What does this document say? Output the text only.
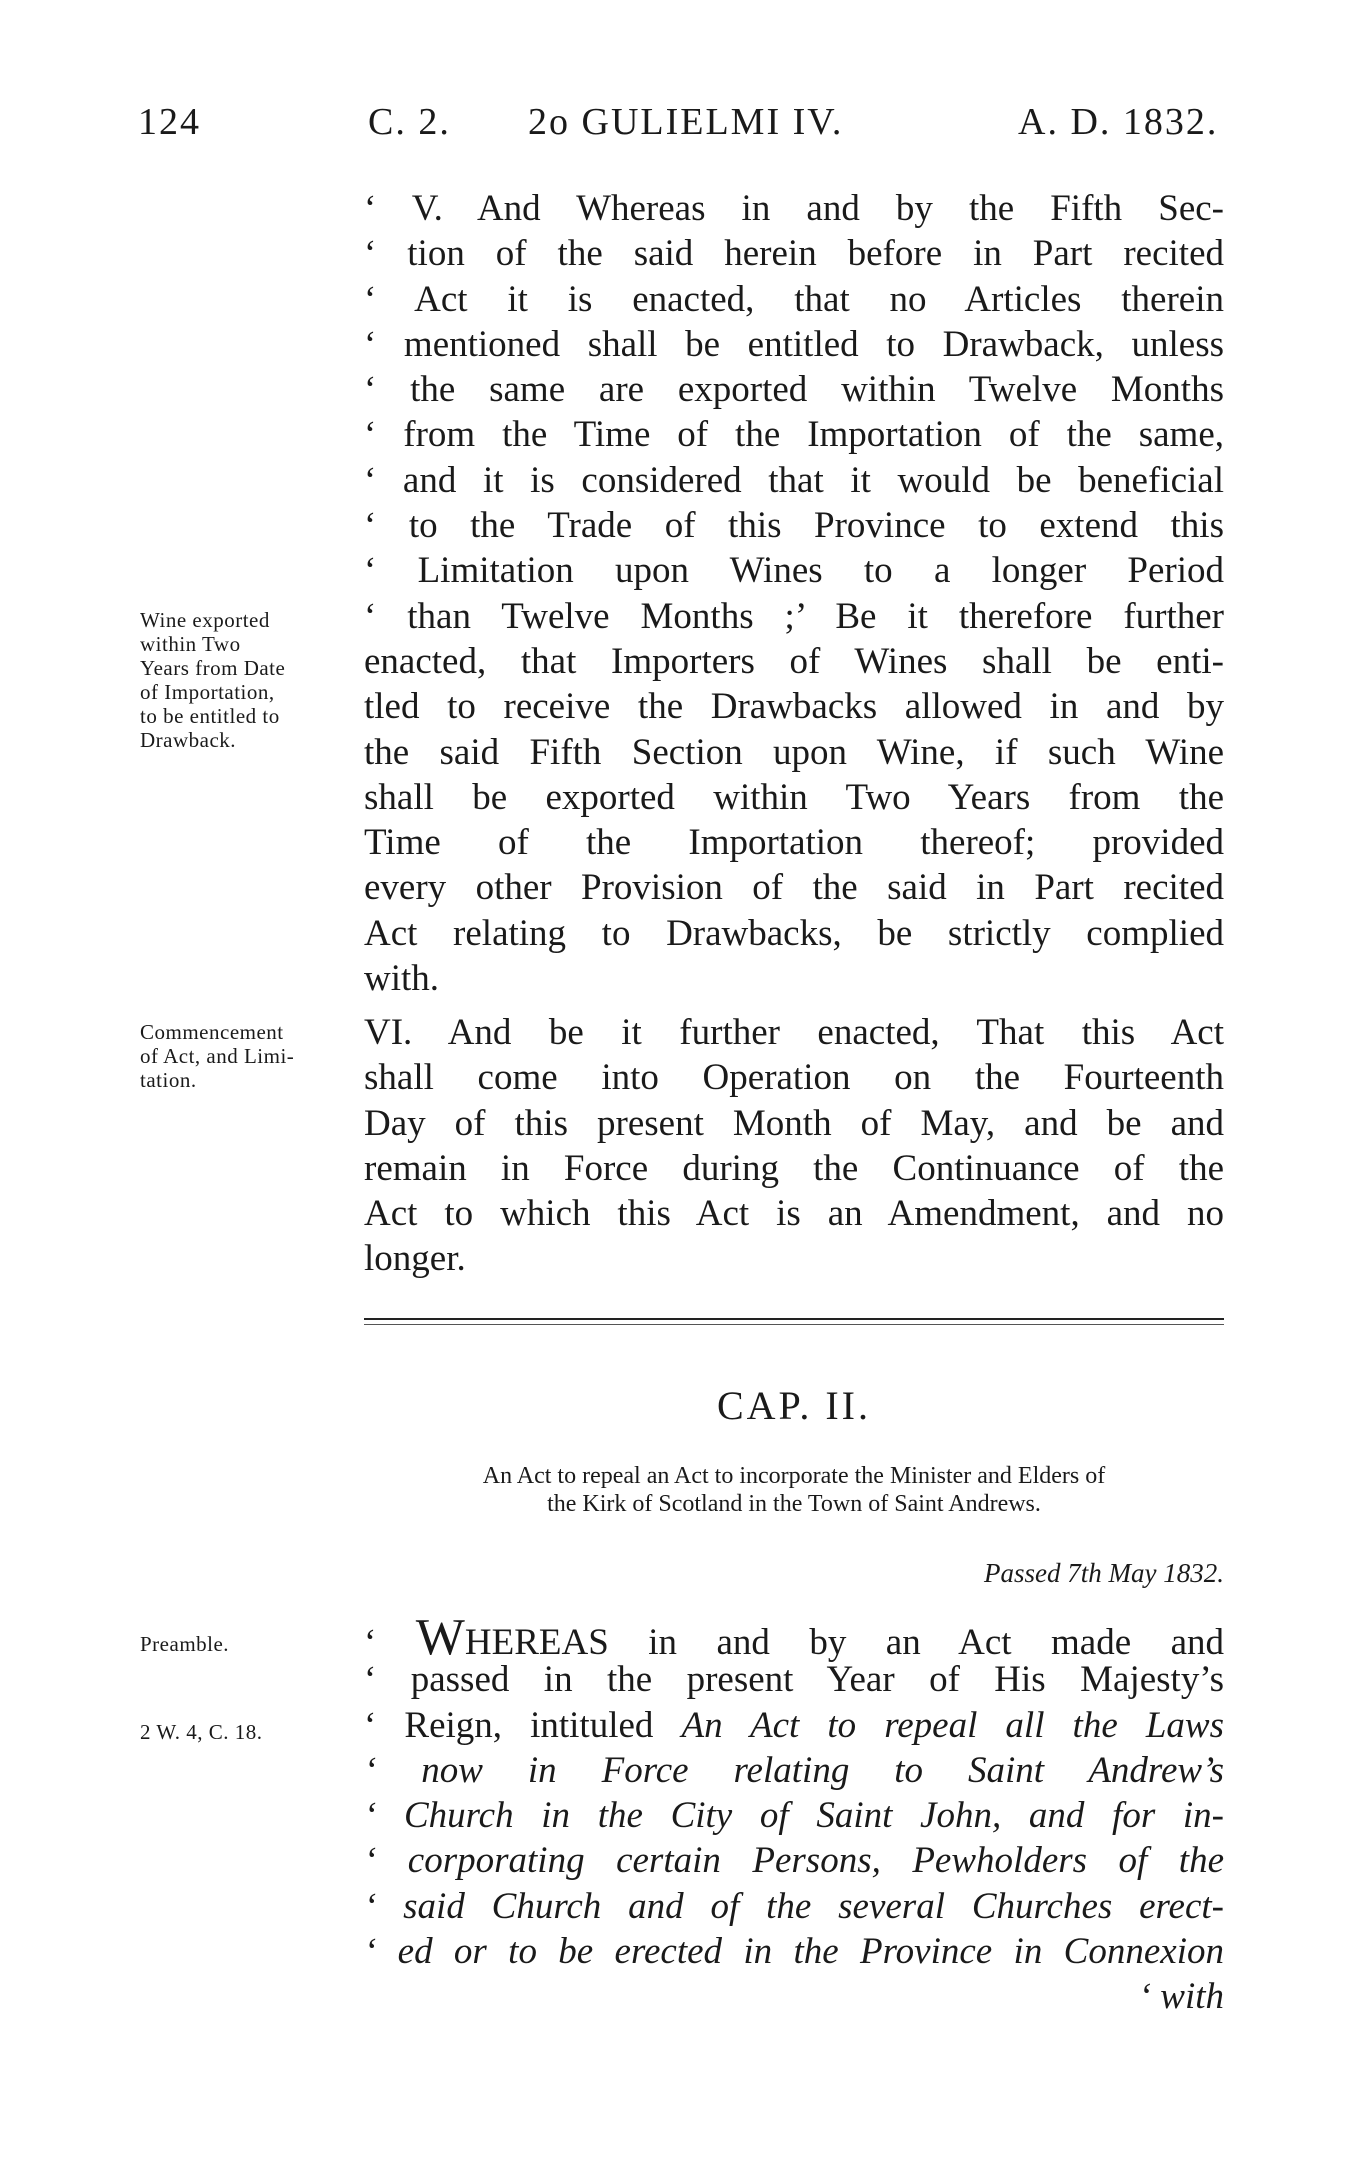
124	C. 2. 2o GULIELMI IV.	A. D. 1832.
‘ V. And Whereas in and by the Fifth Sec-
‘ tion of the said herein before in Part recited
‘ Act it is enacted, that no Articles therein
‘ mentioned shall be entitled to Drawback, unless
‘ the same are exported within Twelve Months
‘ from the Time of the Importation of the same,
‘ and it is considered that it would be beneficial
‘ to the Trade of this Province to extend this
‘ Limitation upon Wines to a longer Period
‘ than Twelve Months ;’ Be it therefore further
enacted, that Importers of Wines shall be enti-
tled to receive the Drawbacks allowed in and by
the said Fifth Section upon Wine, if such Wine
shall be exported within Two Years from the
Time of the Importation thereof; provided
every other Provision of the said in Part recited
Act relating to Drawbacks, be strictly complied
with.
Wine exported
within Two
Years from Date
of Importation,
to be entitled to
Drawback.
VI. And be it further enacted, That this Act
shall come into Operation on the Fourteenth
Day of this present Month of May, and be and
remain in Force during the Continuance of the
Act to which this Act is an Amendment, and no
longer.
Commencement
of Act, and Limi-
tation.
CAP. II.
An Act to repeal an Act to incorporate the Minister and Elders of
the Kirk of Scotland in the Town of Saint Andrews.
Passed 7th May 1832.
Preamble.
2 W. 4, C. 18.
‘ WHEREAS in and by an Act made and
‘ passed in the present Year of His Majesty’s
‘ Reign, intituled An Act to repeal all the Laws
‘ now in Force relating to Saint Andrew’s
‘ Church in the City of Saint John, and for in-
‘ corporating certain Persons, Pewholders of the
‘ said Church and of the several Churches erect-
‘ ed or to be erected in the Province in Connexion
‘ with
